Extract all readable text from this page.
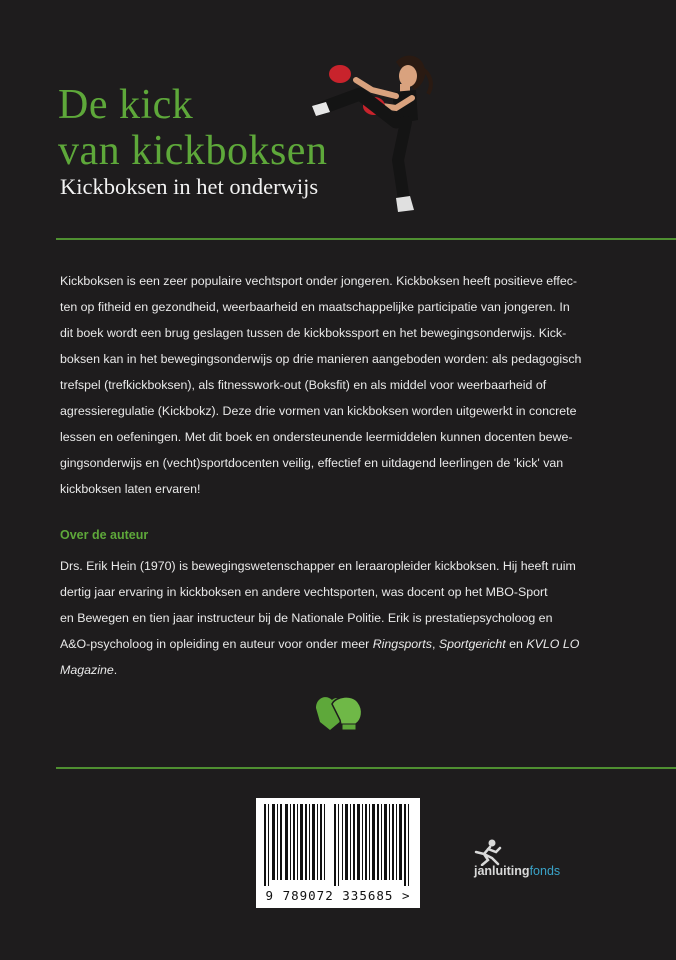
De kick
van kickboksen
Kickboksen in het onderwijs
Kickboksen is een zeer populaire vechtsport onder jongeren. Kickboksen heeft positieve effec-
ten op fitheid en gezondheid, weerbaarheid en maatschappelijke participatie van jongeren. In
dit boek wordt een brug geslagen tussen de kickbokssport en het bewegingsonderwijs. Kick-
boksen kan in het bewegingsonderwijs op drie manieren aangeboden worden: als pedagogisch
trefspel (trefkickboksen), als fitnesswork-out (Boksfit) en als middel voor weerbaarheid of
agressieregulatie (Kickbokz). Deze drie vormen van kickboksen worden uitgewerkt in concrete
lessen en oefeningen. Met dit boek en ondersteunende leermiddelen kunnen docenten bewe-
gingsonderwijs en (vecht)sportdocenten veilig, effectief en uitdagend leerlingen de 'kick' van
kickboksen laten ervaren!
Over de auteur
Drs. Erik Hein (1970) is bewegingswetenschapper en leraaropleider kickboksen. Hij heeft ruim
dertig jaar ervaring in kickboksen en andere vechtsporten, was docent op het MBO-Sport
en Bewegen en tien jaar instructeur bij de Nationale Politie. Erik is prestatiepsycholoog en
A&O-psycholoog in opleiding en auteur voor onder meer Ringsports, Sportgericht en KVLO LO
Magazine.
9 789072 335685 >
janluitingfonds
